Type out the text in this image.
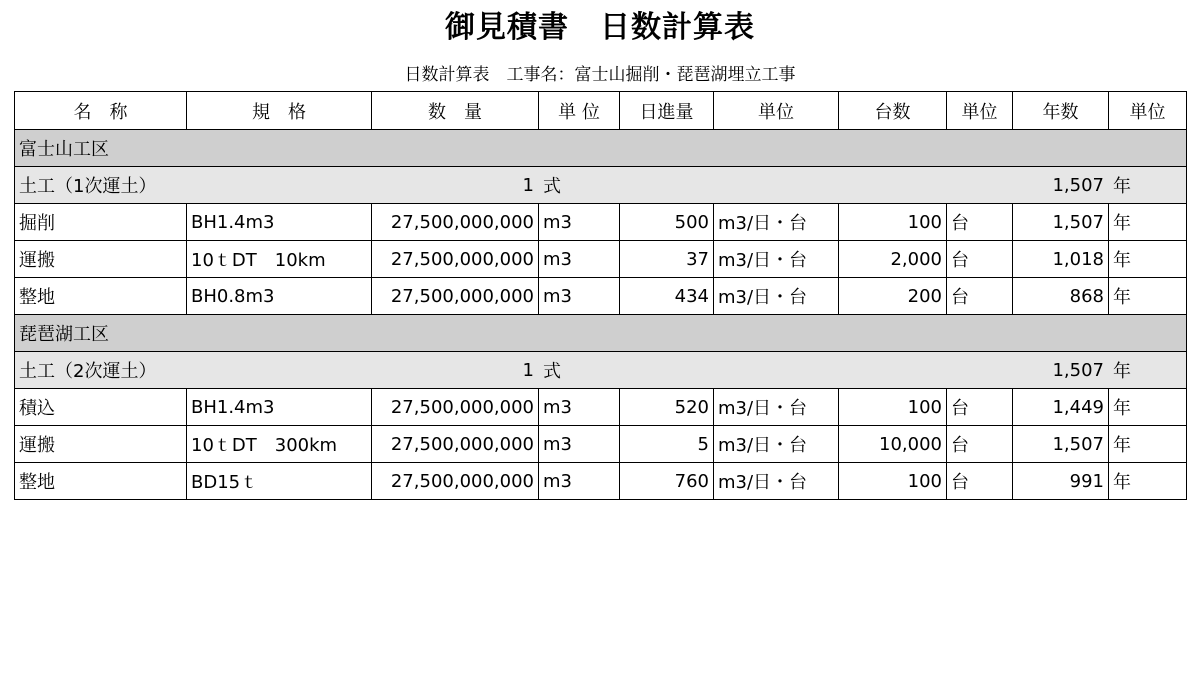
御見積書　日数計算表
日数計算表　工事名：富士山掘削・琵琶湖埋立工事
名　称	規　格	数　量	単 位	日進量	単位	台数	単位	年数	単位
富士山工区									
土工（1次運土）		1	式					1,507	年
掘削	BH1.4m3	27,500,000,000	m3	500	m3/日・台	100	台	1,507	年
運搬	10ｔDT　10km	27,500,000,000	m3	37	m3/日・台	2,000	台	1,018	年
整地	BH0.8m3	27,500,000,000	m3	434	m3/日・台	200	台	868	年
琵琶湖工区									
土工（2次運土）		1	式					1,507	年
積込	BH1.4m3	27,500,000,000	m3	520	m3/日・台	100	台	1,449	年
運搬	10ｔDT　300km	27,500,000,000	m3	5	m3/日・台	10,000	台	1,507	年
整地	BD15ｔ	27,500,000,000	m3	760	m3/日・台	100	台	991	年
